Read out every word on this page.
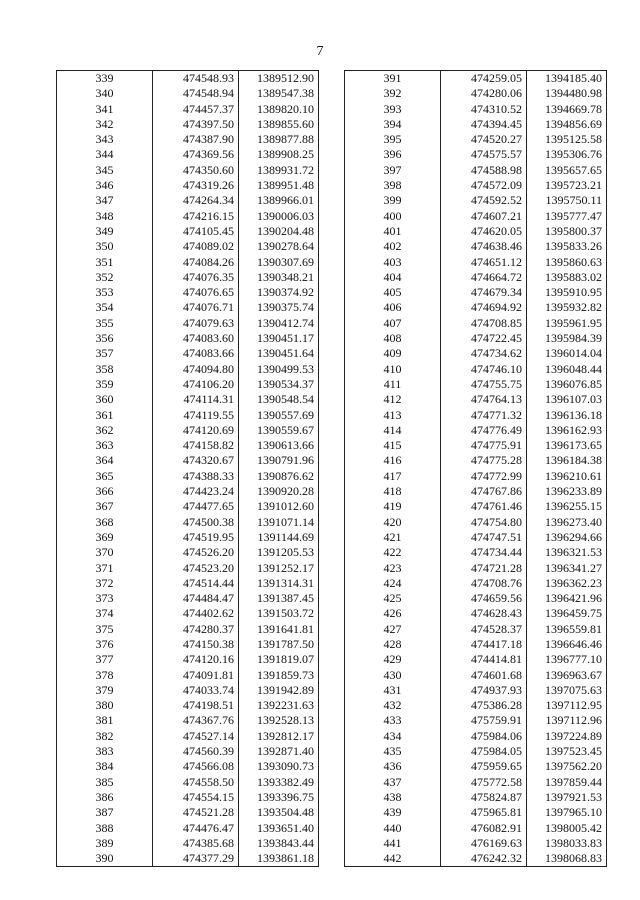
7
339	474548.93	1389512.90
340	474548.94	1389547.38
341	474457.37	1389820.10
342	474397.50	1389855.60
343	474387.90	1389877.88
344	474369.56	1389908.25
345	474350.60	1389931.72
346	474319.26	1389951.48
347	474264.34	1389966.01
348	474216.15	1390006.03
349	474105.45	1390204.48
350	474089.02	1390278.64
351	474084.26	1390307.69
352	474076.35	1390348.21
353	474076.65	1390374.92
354	474076.71	1390375.74
355	474079.63	1390412.74
356	474083.60	1390451.17
357	474083.66	1390451.64
358	474094.80	1390499.53
359	474106.20	1390534.37
360	474114.31	1390548.54
361	474119.55	1390557.69
362	474120.69	1390559.67
363	474158.82	1390613.66
364	474320.67	1390791.96
365	474388.33	1390876.62
366	474423.24	1390920.28
367	474477.65	1391012.60
368	474500.38	1391071.14
369	474519.95	1391144.69
370	474526.20	1391205.53
371	474523.20	1391252.17
372	474514.44	1391314.31
373	474484.47	1391387.45
374	474402.62	1391503.72
375	474280.37	1391641.81
376	474150.38	1391787.50
377	474120.16	1391819.07
378	474091.81	1391859.73
379	474033.74	1391942.89
380	474198.51	1392231.63
381	474367.76	1392528.13
382	474527.14	1392812.17
383	474560.39	1392871.40
384	474566.08	1393090.73
385	474558.50	1393382.49
386	474554.15	1393396.75
387	474521.28	1393504.48
388	474476.47	1393651.40
389	474385.68	1393843.44
390	474377.29	1393861.18
391	474259.05	1394185.40
392	474280.06	1394480.98
393	474310.52	1394669.78
394	474394.45	1394856.69
395	474520.27	1395125.58
396	474575.57	1395306.76
397	474588.98	1395657.65
398	474572.09	1395723.21
399	474592.52	1395750.11
400	474607.21	1395777.47
401	474620.05	1395800.37
402	474638.46	1395833.26
403	474651.12	1395860.63
404	474664.72	1395883.02
405	474679.34	1395910.95
406	474694.92	1395932.82
407	474708.85	1395961.95
408	474722.45	1395984.39
409	474734.62	1396014.04
410	474746.10	1396048.44
411	474755.75	1396076.85
412	474764.13	1396107.03
413	474771.32	1396136.18
414	474776.49	1396162.93
415	474775.91	1396173.65
416	474775.28	1396184.38
417	474772.99	1396210.61
418	474767.86	1396233.89
419	474761.46	1396255.15
420	474754.80	1396273.40
421	474747.51	1396294.66
422	474734.44	1396321.53
423	474721.28	1396341.27
424	474708.76	1396362.23
425	474659.56	1396421.96
426	474628.43	1396459.75
427	474528.37	1396559.81
428	474417.18	1396646.46
429	474414.81	1396777.10
430	474601.68	1396963.67
431	474937.93	1397075.63
432	475386.28	1397112.95
433	475759.91	1397112.96
434	475984.06	1397224.89
435	475984.05	1397523.45
436	475959.65	1397562.20
437	475772.58	1397859.44
438	475824.87	1397921.53
439	475965.81	1397965.10
440	476082.91	1398005.42
441	476169.63	1398033.83
442	476242.32	1398068.83
